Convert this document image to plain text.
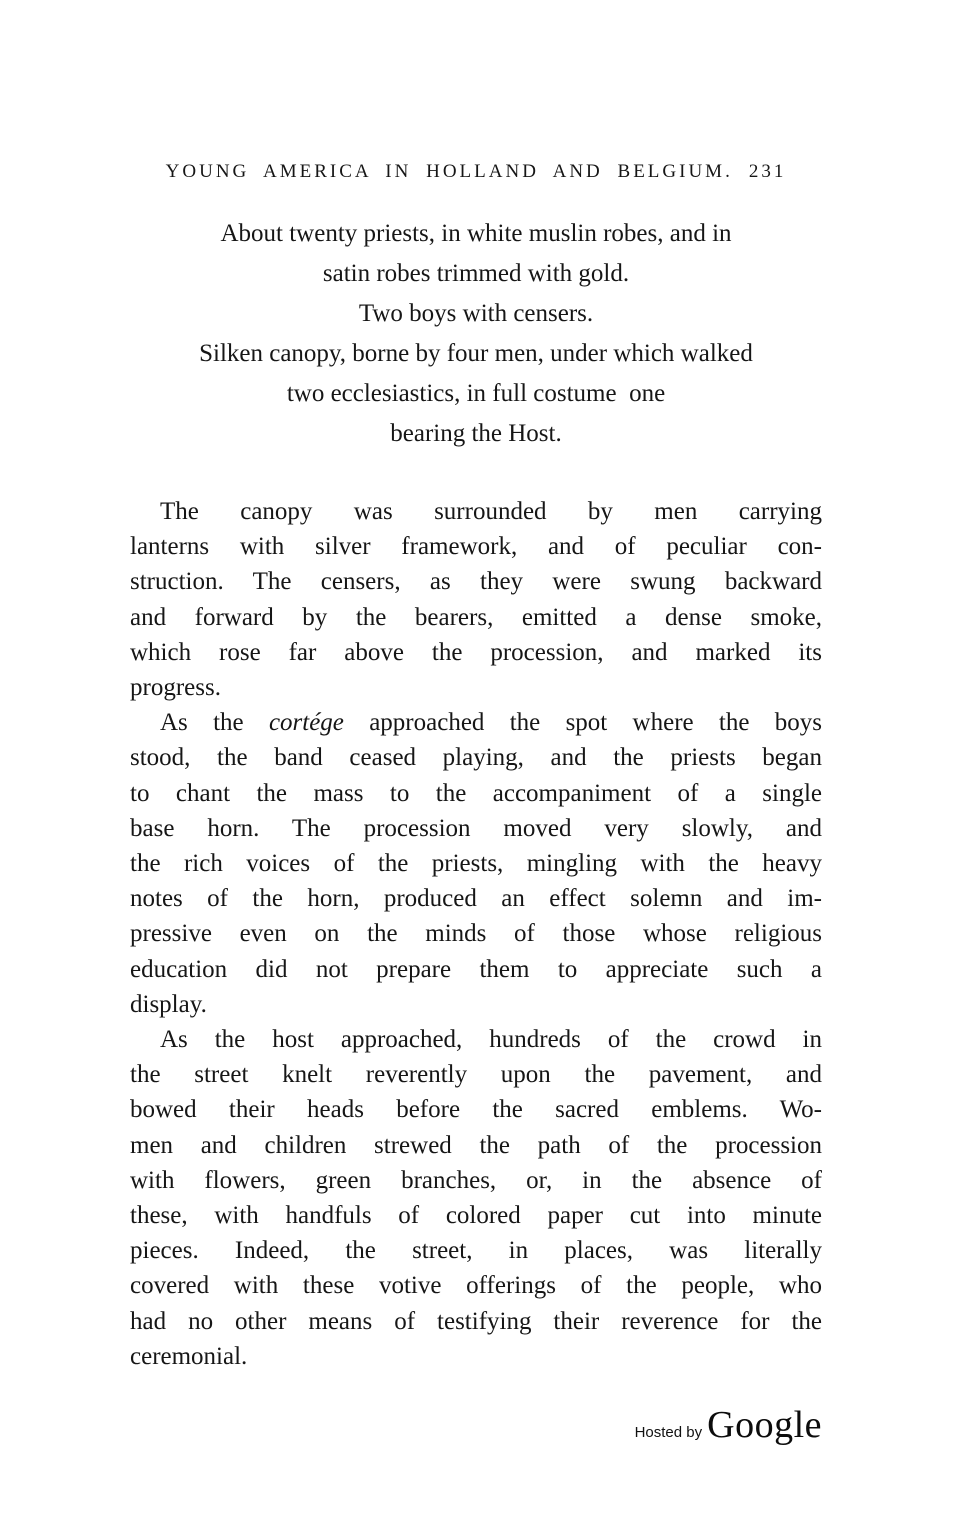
YOUNG AMERICA IN HOLLAND AND BELGIUM. 231
About twenty priests, in white muslin robes, and in
satin robes trimmed with gold.
Two boys with censers.
Silken canopy, borne by four men, under which walked
two ecclesiastics, in full costume  one
bearing the Host.
The canopy was surrounded by men carrying
lanterns with silver framework, and of peculiar con-
struction. The censers, as they were swung backward
and forward by the bearers, emitted a dense smoke,
which rose far above the procession, and marked its
progress.
As the cortége approached the spot where the boys
stood, the band ceased playing, and the priests began
to chant the mass to the accompaniment of a single
base horn. The procession moved very slowly, and
the rich voices of the priests, mingling with the heavy
notes of the horn, produced an effect solemn and im-
pressive even on the minds of those whose religious
education did not prepare them to appreciate such a
display.
As the host approached, hundreds of the crowd in
the street knelt reverently upon the pavement, and
bowed their heads before the sacred emblems. Wo-
men and children strewed the path of the procession
with flowers, green branches, or, in the absence of
these, with handfuls of colored paper cut into minute
pieces. Indeed, the street, in places, was literally
covered with these votive offerings of the people, who
had no other means of testifying their reverence for the
ceremonial.
Hosted by Google
